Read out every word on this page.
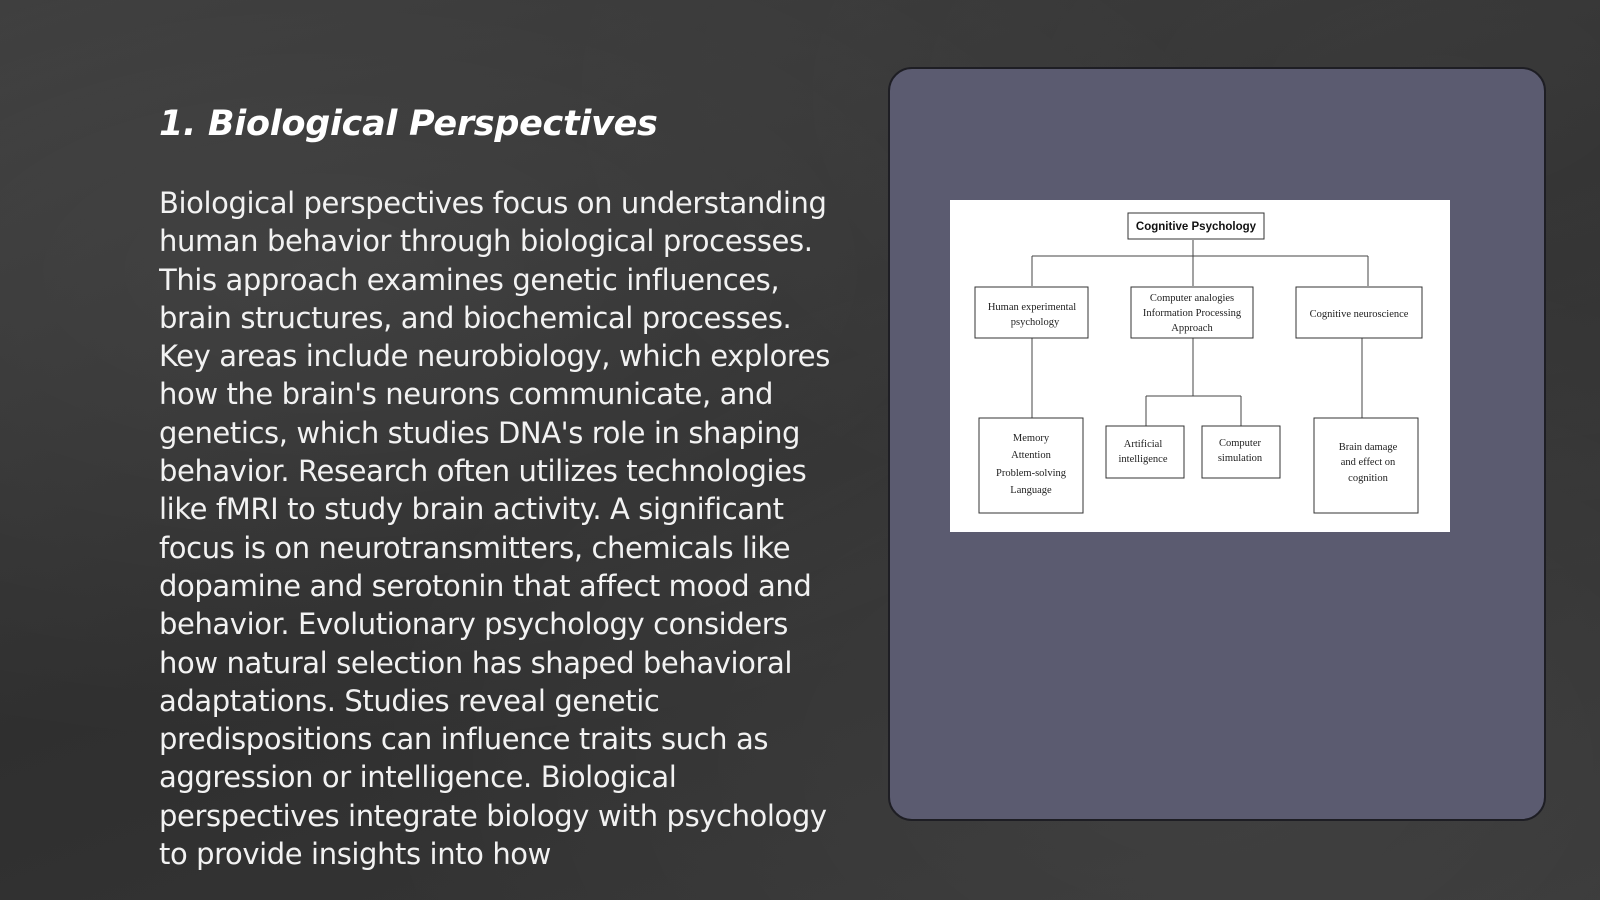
1. Biological Perspectives

Biological perspectives focus on understanding human behavior through biological processes. This approach examines genetic influences, brain structures, and biochemical processes. Key areas include neurobiology, which explores how the brain's neurons communicate, and genetics, which studies DNA's role in shaping behavior. Research often utilizes technologies like fMRI to study brain activity. A significant focus is on neurotransmitters, chemicals like dopamine and serotonin that affect mood and behavior. Evolutionary psychology considers how natural selection has shaped behavioral adaptations. Studies reveal genetic predispositions can influence traits such as aggression or intelligence. Biological perspectives integrate biology with psychology to provide insights into how

Cognitive Psychology
Human experimental
psychology
Computer analogies
Information Processing
Approach
Cognitive neuroscience
Memory
Attention
Problem-solving
Language
Artificial
intelligence
Computer
simulation
Brain damage
and effect on
cognition
